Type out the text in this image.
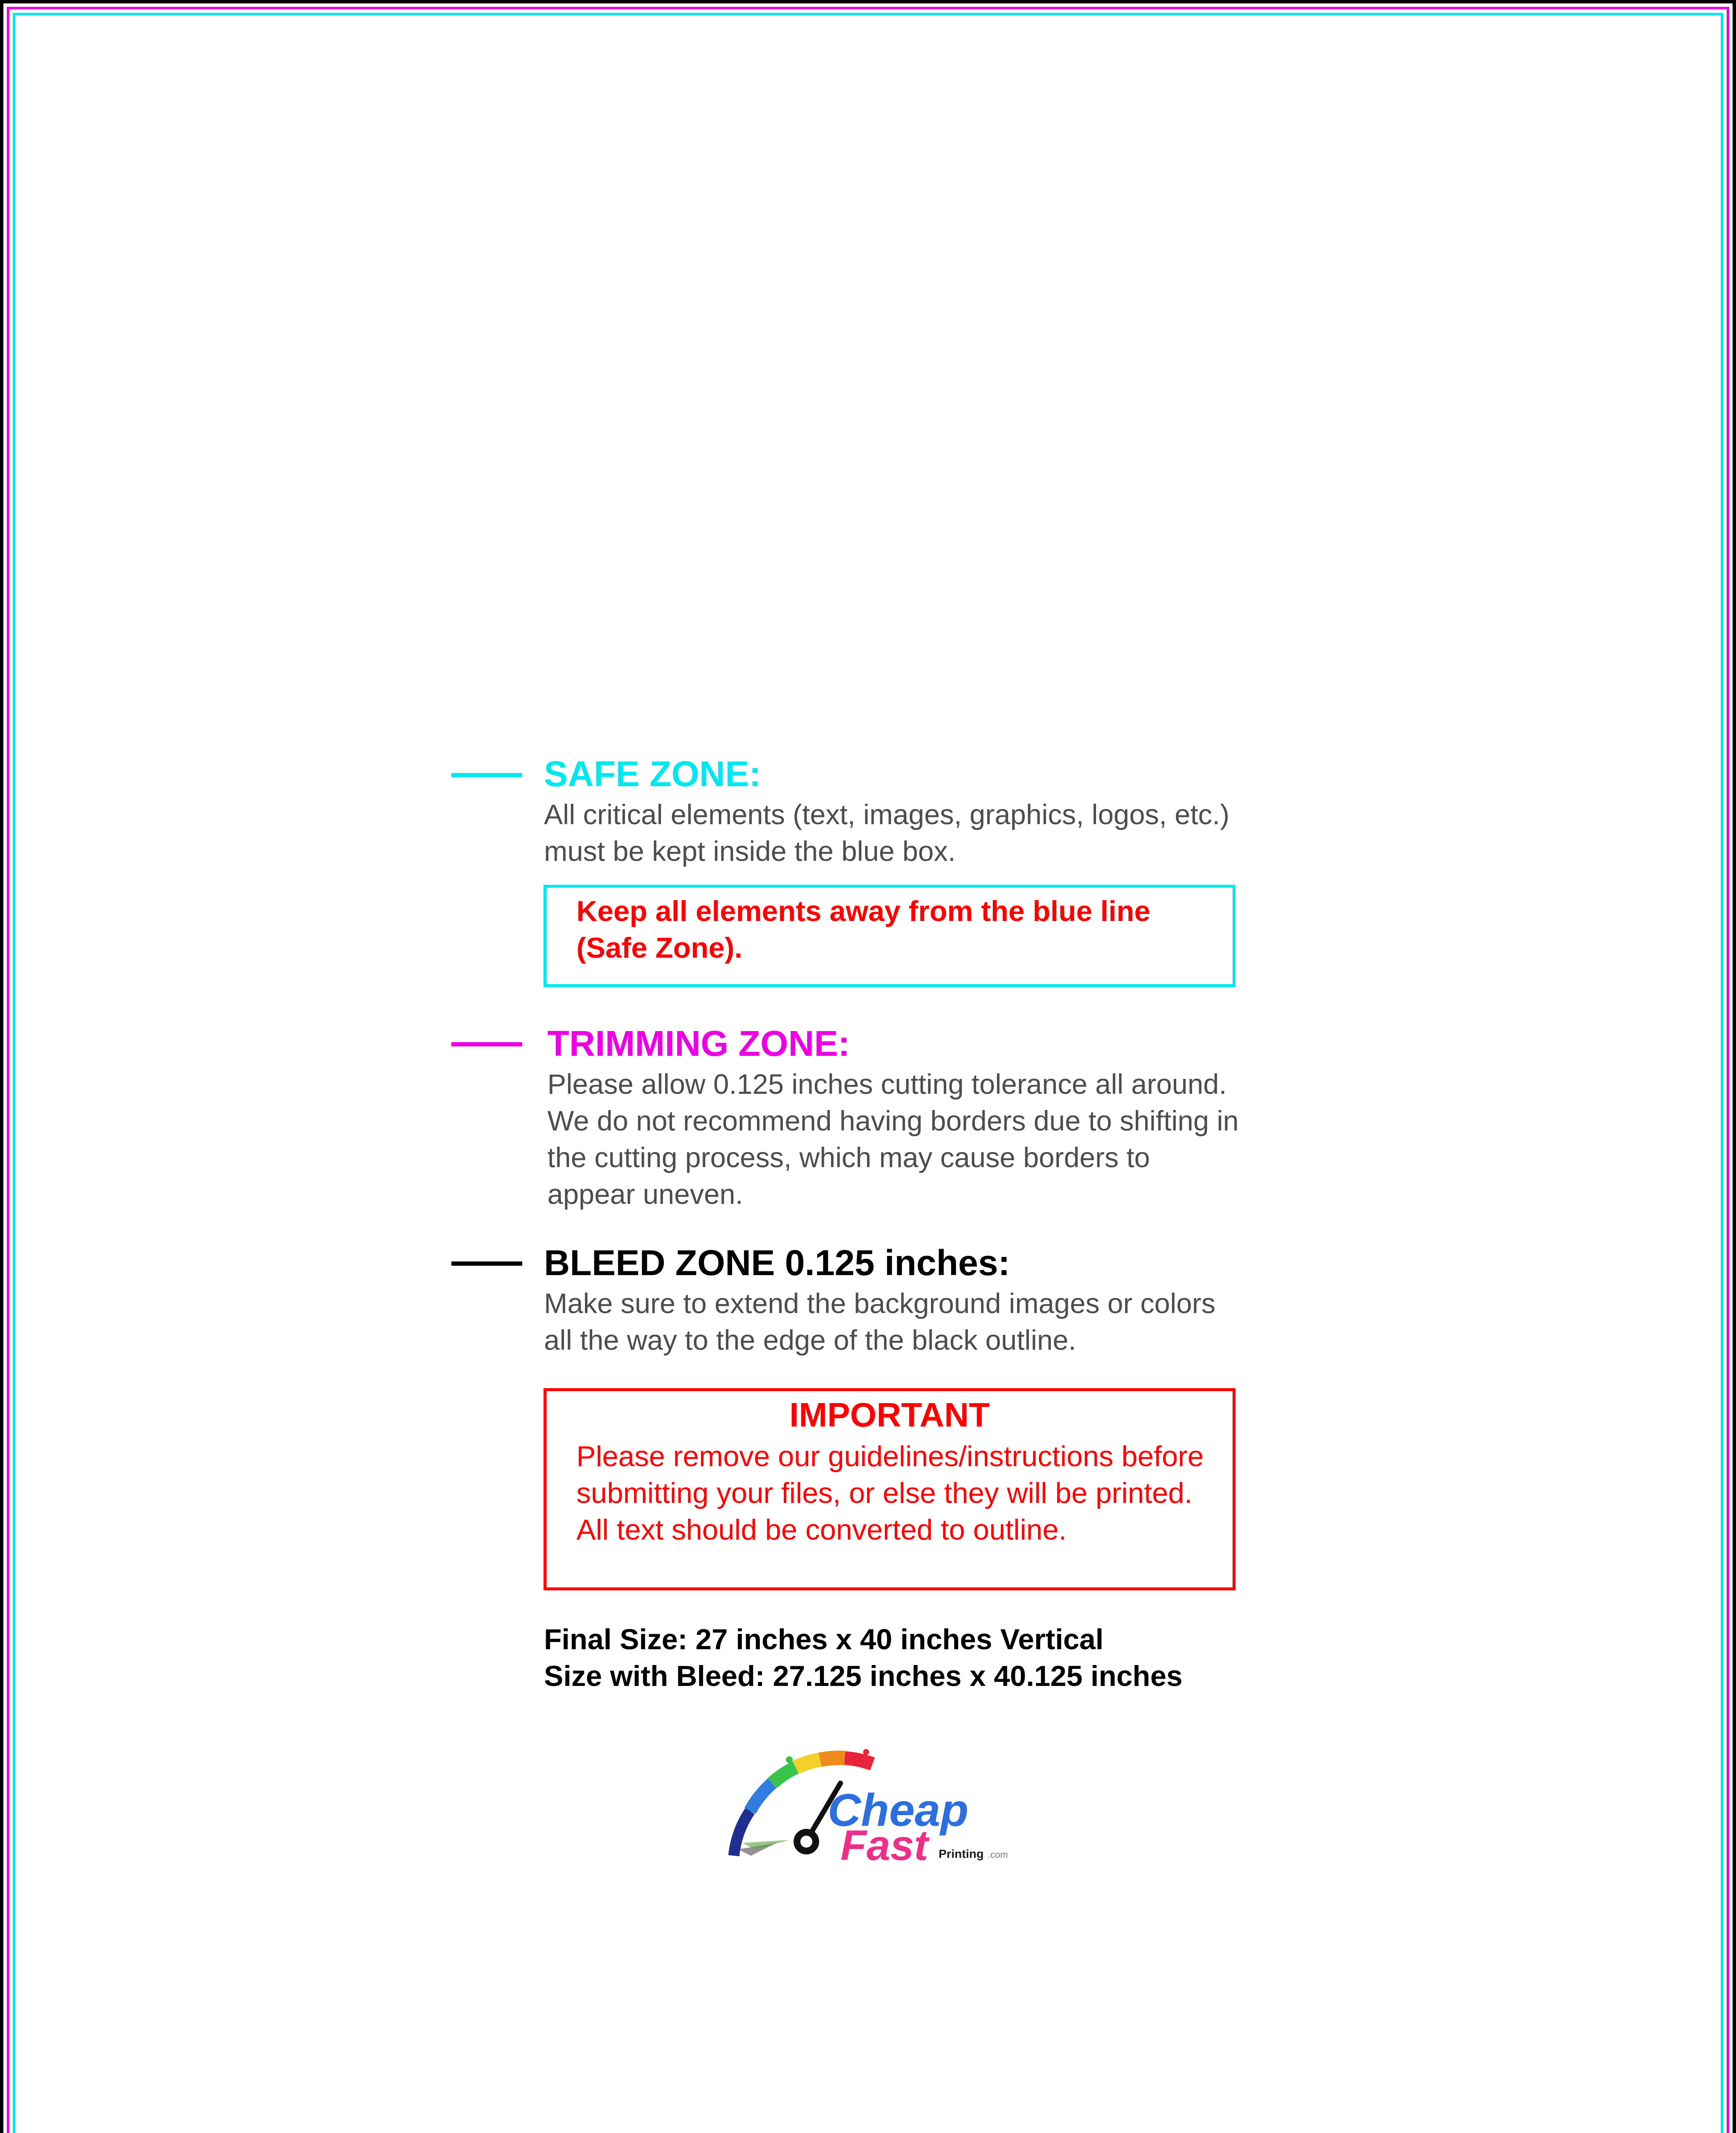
SAFE ZONE:

All critical elements (text, images, graphics, logos, etc.)
must be kept inside the blue box.

Keep all elements away from the blue line
(Safe Zone).

TRIMMING ZONE:

Please allow 0.125 inches cutting tolerance all around.
We do not recommend having borders due to shifting in
the cutting process, which may cause borders to
appear uneven.

BLEED ZONE 0.125 inches:

Make sure to extend the background images or colors
all the way to the edge of the black outline.

IMPORTANT

Please remove our guidelines/instructions before
submitting your files, or else they will be printed.
All text should be converted to outline.

Final Size: 27 inches x 40 inches Vertical
Size with Bleed: 27.125 inches x 40.125 inches

Cheap
Fast Printing .com
